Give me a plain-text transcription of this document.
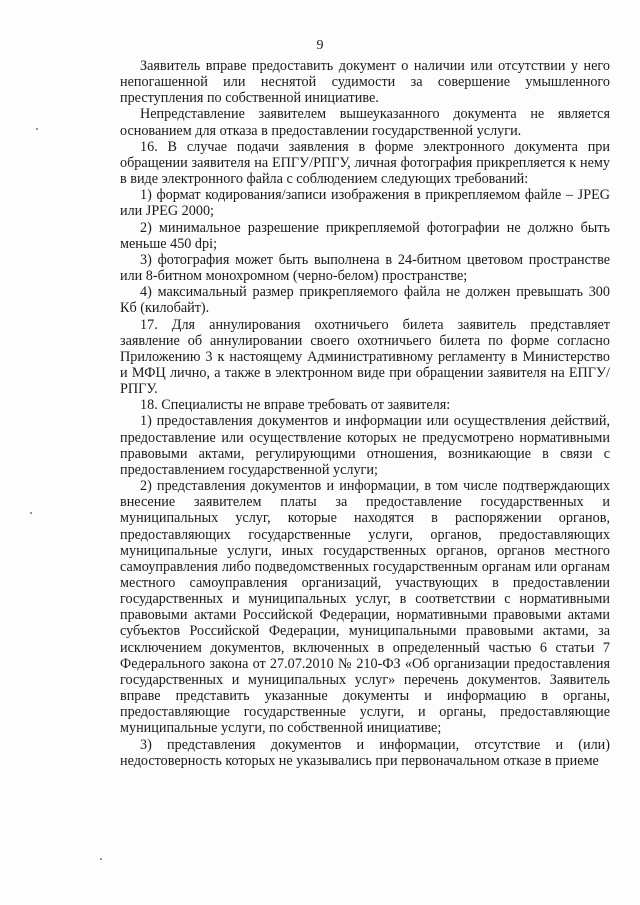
9

Заявитель вправе предоставить документ о наличии или отсутствии у него непогашенной или неснятой судимости за совершение умышленного преступления по собственной инициативе.

Непредставление заявителем вышеуказанного документа не является основанием для отказа в предоставлении государственной услуги.

16. В случае подачи заявления в форме электронного документа при обращении заявителя на ЕПГУ/РПГУ, личная фотография прикрепляется к нему в виде электронного файла с соблюдением следующих требований:

1) формат кодирования/записи изображения в прикрепляемом файле – JPEG или JPEG 2000;

2) минимальное разрешение прикрепляемой фотографии не должно быть меньше 450 dpi;

3) фотография может быть выполнена в 24-битном цветовом пространстве или 8-битном монохромном (черно-белом) пространстве;

4) максимальный размер прикрепляемого файла не должен превышать 300 Кб (килобайт).

17. Для аннулирования охотничьего билета заявитель представляет заявление об аннулировании своего охотничьего билета по форме согласно Приложению 3 к настоящему Административному регламенту в Министерство и МФЦ лично, а также в электронном виде при обращении заявителя на ЕПГУ/РПГУ.

18. Специалисты не вправе требовать от заявителя:

1) предоставления документов и информации или осуществления действий, предоставление или осуществление которых не предусмотрено нормативными правовыми актами, регулирующими отношения, возникающие в связи с предоставлением государственной услуги;

2) представления документов и информации, в том числе подтверждающих внесение заявителем платы за предоставление государственных и муниципальных услуг, которые находятся в распоряжении органов, предоставляющих государственные услуги, органов, предоставляющих муниципальные услуги, иных государственных органов, органов местного самоуправления либо подведомственных государственным органам или органам местного самоуправления организаций, участвующих в предоставлении государственных и муниципальных услуг, в соответствии с нормативными правовыми актами Российской Федерации, нормативными правовыми актами субъектов Российской Федерации, муниципальными правовыми актами, за исключением документов, включенных в определенный частью 6 статьи 7 Федерального закона от 27.07.2010 № 210-ФЗ «Об организации предоставления государственных и муниципальных услуг» перечень документов. Заявитель вправе представить указанные документы и информацию в органы, предоставляющие государственные услуги, и органы, предоставляющие муниципальные услуги, по собственной инициативе;

3) представления документов и информации, отсутствие и (или) недостоверность которых не указывались при первоначальном отказе в приеме
